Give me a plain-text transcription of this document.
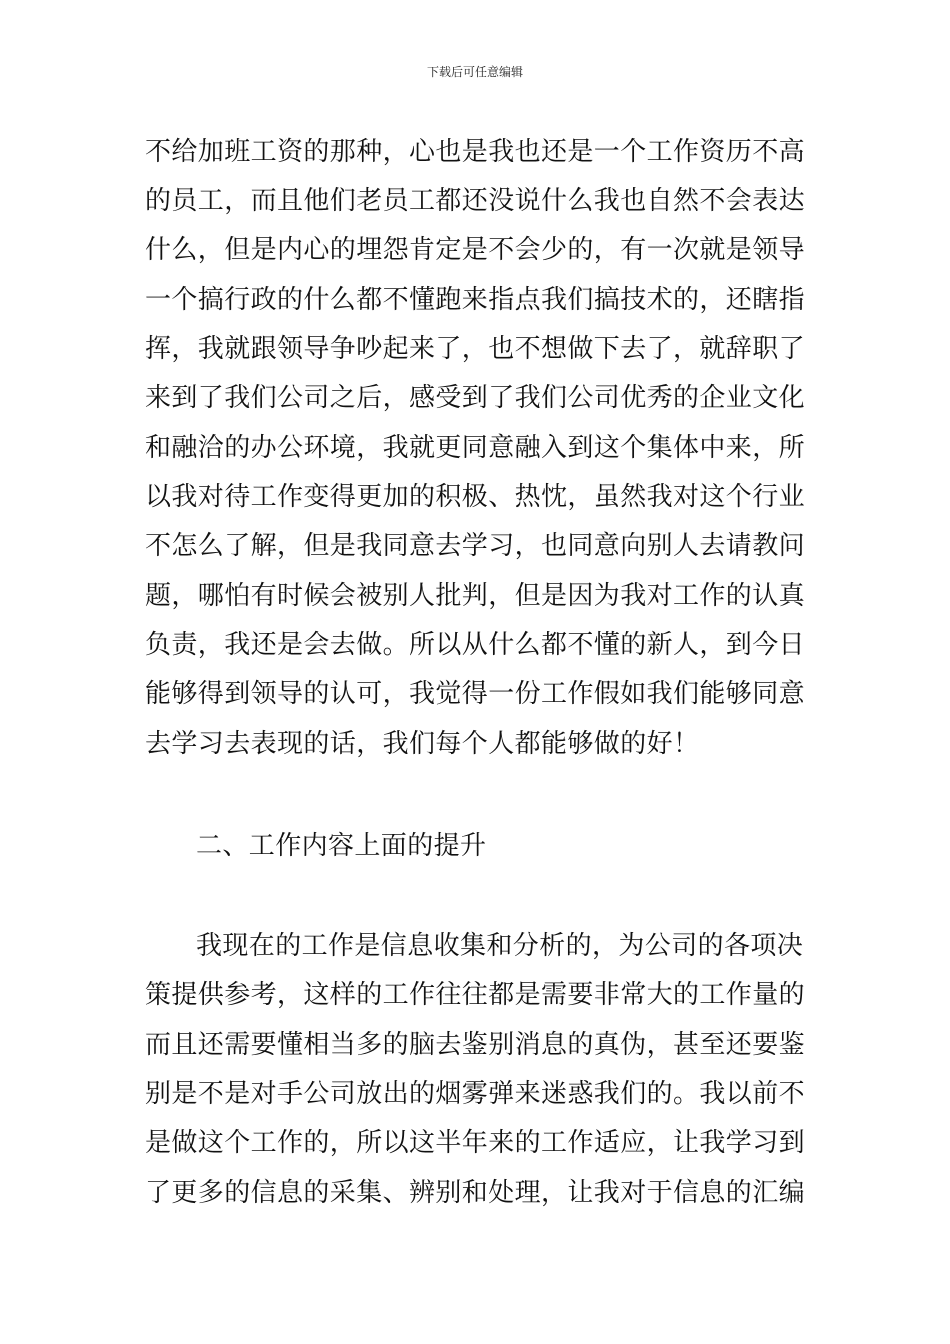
下载后可任意编辑
不给加班工资的那种，心也是我也还是一个工作资历不高
的员工，而且他们老员工都还没说什么我也自然不会表达
什么，但是内心的埋怨肯定是不会少的，有一次就是领导
一个搞行政的什么都不懂跑来指点我们搞技术的，还瞎指
挥，我就跟领导争吵起来了，也不想做下去了，就辞职了
来到了我们公司之后，感受到了我们公司优秀的企业文化
和融洽的办公环境，我就更同意融入到这个集体中来，所
以我对待工作变得更加的积极、热忱，虽然我对这个行业
不怎么了解，但是我同意去学习，也同意向别人去请教问
题，哪怕有时候会被别人批判，但是因为我对工作的认真
负责，我还是会去做。所以从什么都不懂的新人，到今日
能够得到领导的认可，我觉得一份工作假如我们能够同意
去学习去表现的话，我们每个人都能够做的好！
二、工作内容上面的提升
我现在的工作是信息收集和分析的，为公司的各项决
策提供参考，这样的工作往往都是需要非常大的工作量的
而且还需要懂相当多的脑去鉴别消息的真伪，甚至还要鉴
别是不是对手公司放出的烟雾弹来迷惑我们的。我以前不
是做这个工作的，所以这半年来的工作适应，让我学习到
了更多的信息的采集、辨别和处理，让我对于信息的汇编
